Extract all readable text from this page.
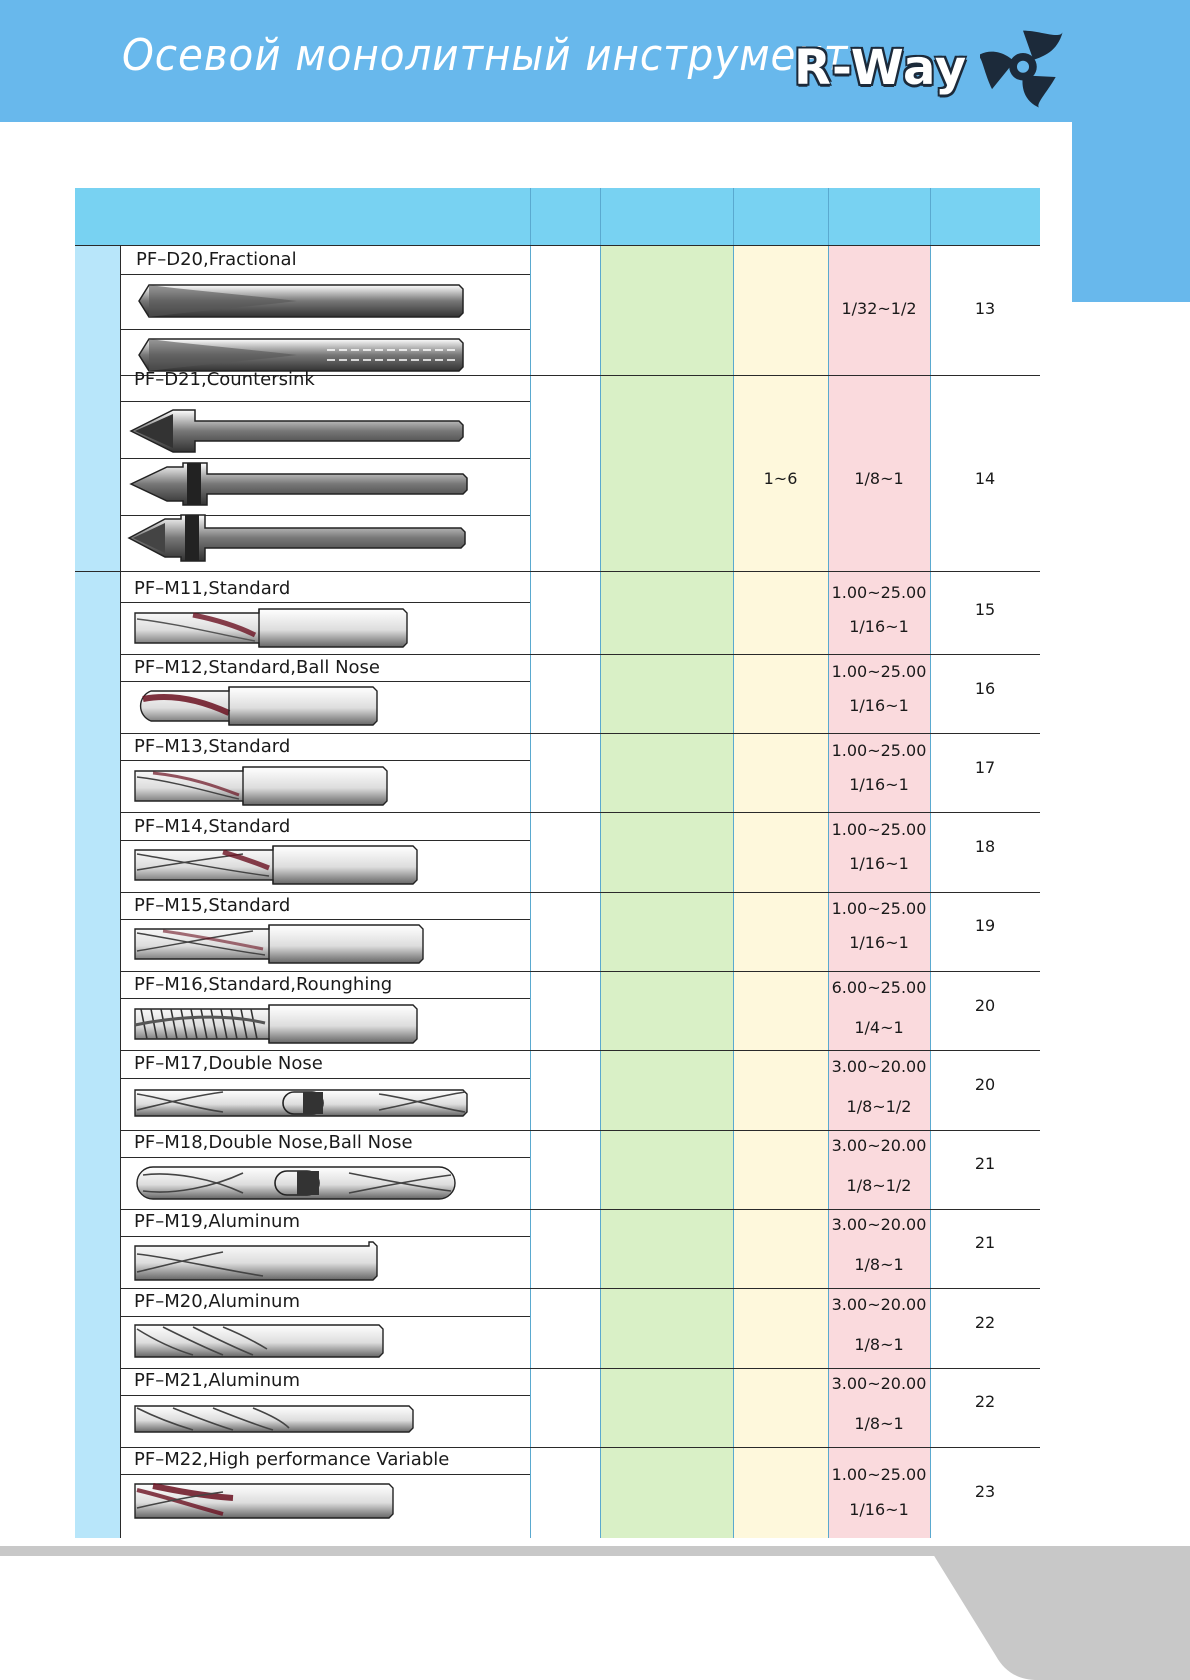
Осевой монолитный инструмент
R-Way
PF–D20,Fractional
1/32~1/2	13
PF–D21,Countersink
1~6	1/8~1	14
PF–M11,Standard	1.00~25.00
1/16~1
15
PF–M12,Standard,Ball Nose	1.00~25.00
1/16~1
16
PF–M13,Standard	1.00~25.00
1/16~1
17
PF–M14,Standard	1.00~25.00
1/16~1
18
PF–M15,Standard	1.00~25.00
1/16~1
19
PF–M16,Standard,Rounghing	6.00~25.00
1/4~1
20
PF–M17,Double Nose	3.00~20.00
1/8~1/2
20
PF–M18,Double Nose,Ball Nose	3.00~20.00
1/8~1/2
21
PF–M19,Aluminum	3.00~20.00
1/8~1
21
PF–M20,Aluminum	3.00~20.00
1/8~1
22
PF–M21,Aluminum	3.00~20.00
1/8~1
22
PF–M22,High performance Variable
1.00~25.00
1/16~1
23
